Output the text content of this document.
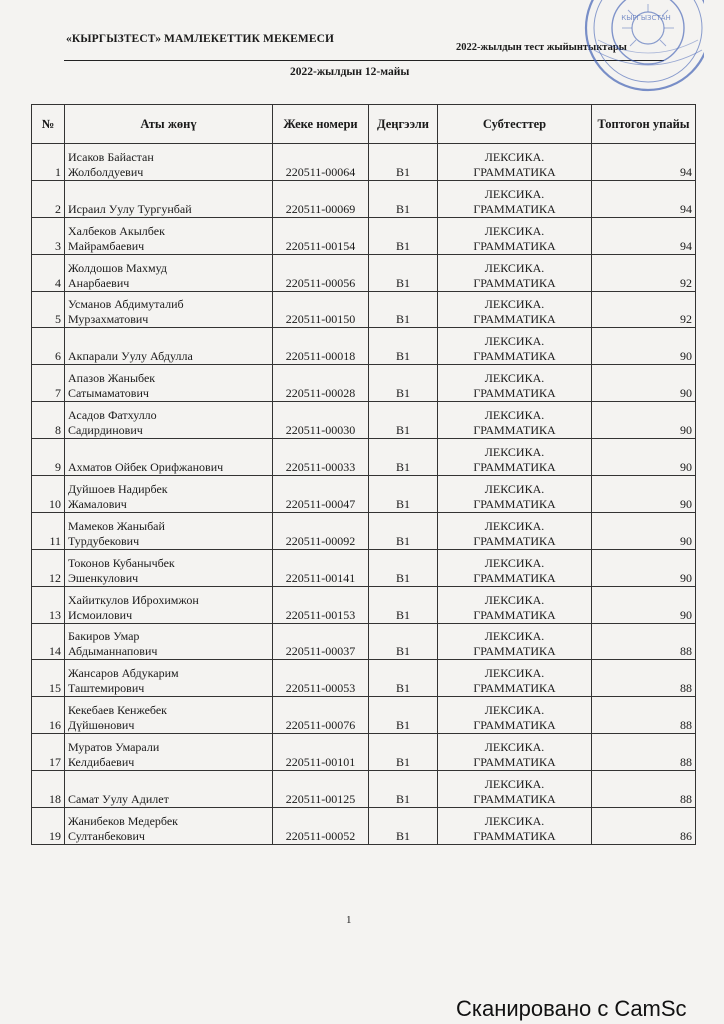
«КЫРГЫЗТЕСТ» МАМЛЕКЕТТИК МЕКЕМЕСИ
2022-жылдын тест жыйынтыктары
2022-жылдын 12-майы
КЫРГЫЗСТАН
№	Аты жөнү	Жеке номери	Деңгээли	Субтесттер	Топтогон упайы
1	Исаков Байастан
Жолболдуевич	220511-00064	B1	ЛЕКСИКА.
ГРАММАТИКА	94
2	Исраил Уулу Тургунбай	220511-00069	B1	ЛЕКСИКА.
ГРАММАТИКА	94
3	Халбеков Акылбек
Майрамбаевич	220511-00154	B1	ЛЕКСИКА.
ГРАММАТИКА	94
4	Жолдошов Махмуд
Анарбаевич	220511-00056	B1	ЛЕКСИКА.
ГРАММАТИКА	92
5	Усманов Абдимуталиб
Мурзахматович	220511-00150	B1	ЛЕКСИКА.
ГРАММАТИКА	92
6	Акпарали Уулу Абдулла	220511-00018	B1	ЛЕКСИКА.
ГРАММАТИКА	90
7	Апазов Жаныбек
Сатымаматович	220511-00028	B1	ЛЕКСИКА.
ГРАММАТИКА	90
8	Асадов Фатхулло
Садирдинович	220511-00030	B1	ЛЕКСИКА.
ГРАММАТИКА	90
9	Ахматов Ойбек Орифжанович	220511-00033	B1	ЛЕКСИКА.
ГРАММАТИКА	90
10	Дуйшоев Надирбек
Жамалович	220511-00047	B1	ЛЕКСИКА.
ГРАММАТИКА	90
11	Мамеков Жаныбай
Турдубекович	220511-00092	B1	ЛЕКСИКА.
ГРАММАТИКА	90
12	Токонов Кубанычбек
Эшенкулович	220511-00141	B1	ЛЕКСИКА.
ГРАММАТИКА	90
13	Хайиткулов Иброхимжон
Исмоилович	220511-00153	B1	ЛЕКСИКА.
ГРАММАТИКА	90
14	Бакиров Умар
Абдыманнапович	220511-00037	B1	ЛЕКСИКА.
ГРАММАТИКА	88
15	Жансаров Абдукарим
Таштемирович	220511-00053	B1	ЛЕКСИКА.
ГРАММАТИКА	88
16	Кекебаев Кенжебек
Дүйшөнович	220511-00076	B1	ЛЕКСИКА.
ГРАММАТИКА	88
17	Муратов Умарали
Келдибаевич	220511-00101	B1	ЛЕКСИКА.
ГРАММАТИКА	88
18	Самат Уулу Адилет	220511-00125	B1	ЛЕКСИКА.
ГРАММАТИКА	88
19	Жанибеков Медербек
Султанбекович	220511-00052	B1	ЛЕКСИКА.
ГРАММАТИКА	86
1
Сканировано с CamSc
